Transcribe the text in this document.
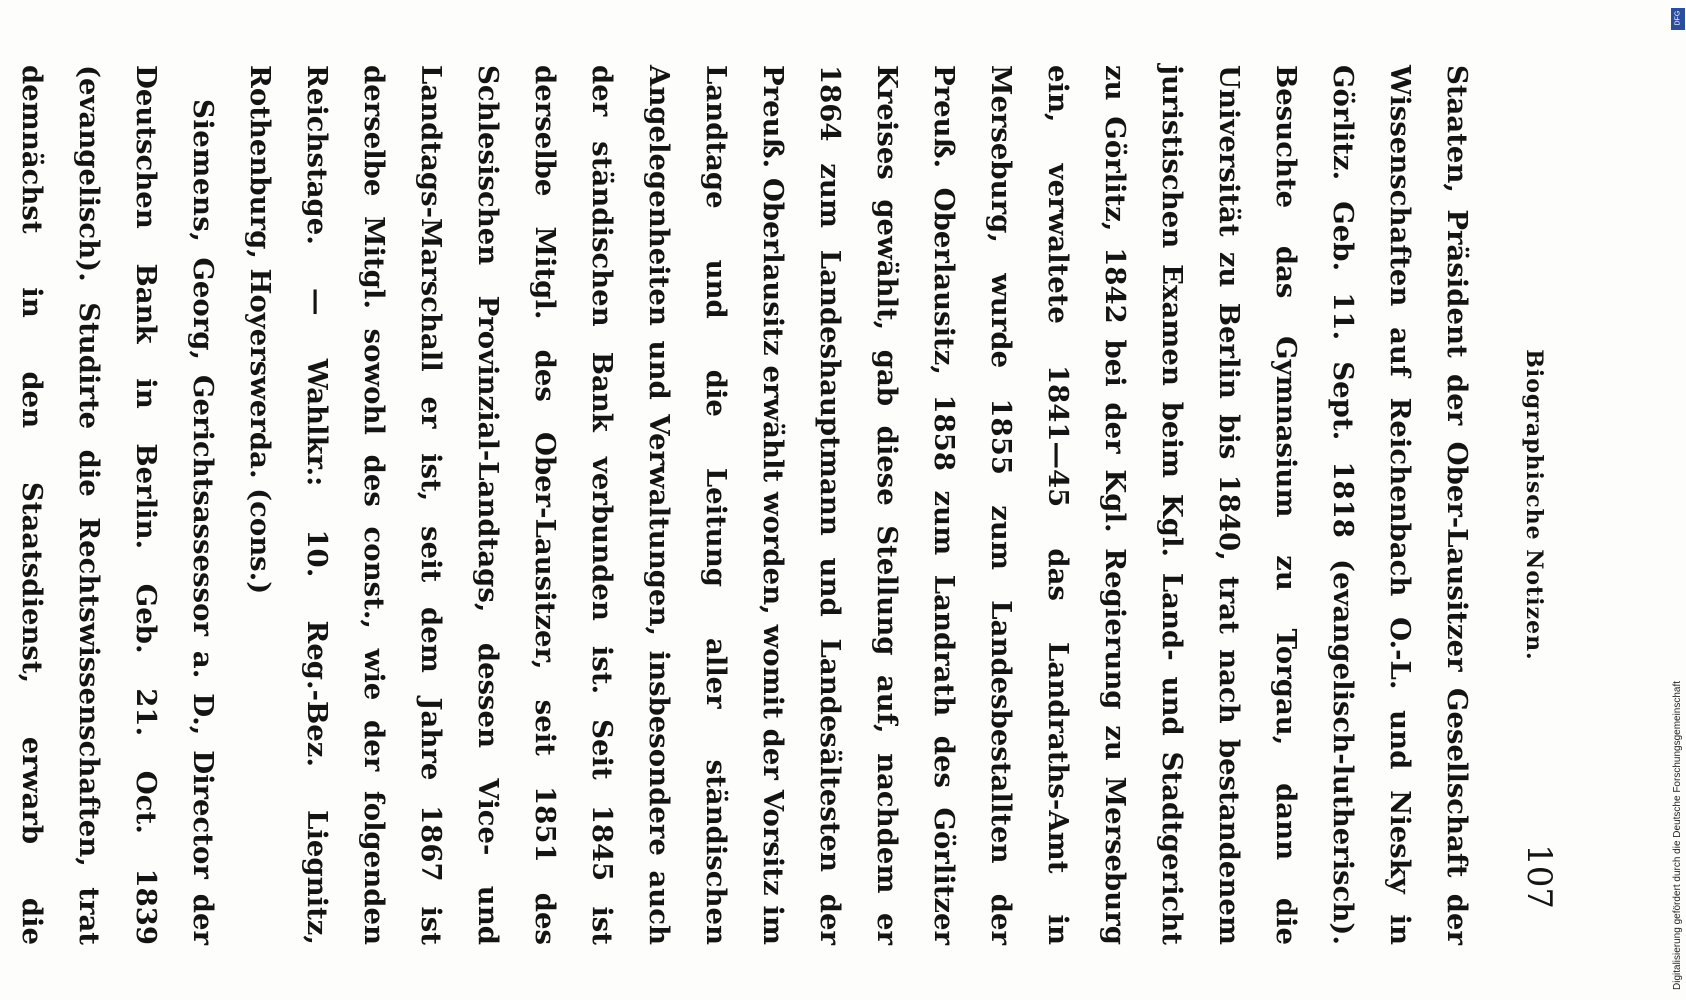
Biographische Notizen.
107

Staaten, Präsident der Ober-Lausitzer Gesellschaft der Wissenschaften auf Reichenbach O.-L. und Niesky in Görlitz. Geb. 11. Sept. 1818 (evangelisch-lutherisch). Besuchte das Gymnasium zu Torgau, dann die Universität zu Berlin bis 1840, trat nach bestandenem juristischen Examen beim Kgl. Land- und Stadtgericht zu Görlitz, 1842 bei der Kgl. Regierung zu Merseburg ein, verwaltete 1841—45 das Landraths-Amt in Merseburg, wurde 1855 zum Landesbestallten der Preuß. Oberlausitz, 1858 zum Landrath des Görlitzer Kreises gewählt, gab diese Stellung auf, nachdem er 1864 zum Landeshauptmann und Landesältesten der Preuß. Oberlausitz erwählt worden, womit der Vorsitz im Landtage und die Leitung aller ständischen Angelegenheiten und Verwaltungen, insbesondere auch der ständischen Bank verbunden ist. Seit 1845 ist derselbe Mitgl. des Ober-Lausitzer, seit 1851 des Schlesischen Provinzial-Landtags, dessen Vice- und Landtags-Marschall er ist, seit dem Jahre 1867 ist derselbe Mitgl. sowohl des const., wie der folgenden Reichstage. — Wahlkr.: 10. Reg.-Bez. Liegnitz, Rothenburg, Hoyerswerda. (cons.)

Siemens, Georg, Gerichtsassessor a. D., Director der Deutschen Bank in Berlin. Geb. 21. Oct. 1839 (evangelisch). Studirte die Rechtswissenschaften, trat demnächst in den Staatsdienst, erwarb die

DFG
Digitalisierung gefördert durch die Deutsche Forschungsgemeinschaft
